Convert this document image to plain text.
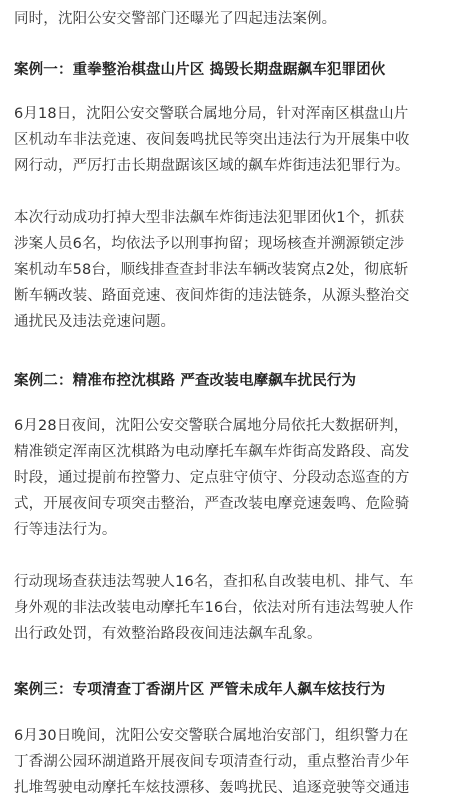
同时，沈阳公安交警部门还曝光了四起违法案例。
案例一：重拳整治棋盘山片区 捣毁长期盘踞飙车犯罪团伙
6月18日，沈阳公安交警联合属地分局，针对浑南区棋盘山片
区机动车非法竞速、夜间轰鸣扰民等突出违法行为开展集中收
网行动，严厉打击长期盘踞该区域的飙车炸街违法犯罪行为。
本次行动成功打掉大型非法飙车炸街违法犯罪团伙1个，抓获
涉案人员6名，均依法予以刑事拘留；现场核查并溯源锁定涉
案机动车58台，顺线排查查封非法车辆改装窝点2处，彻底斩
断车辆改装、路面竞速、夜间炸街的违法链条，从源头整治交
通扰民及违法竞速问题。
案例二：精准布控沈棋路 严查改装电摩飙车扰民行为
6月28日夜间，沈阳公安交警联合属地分局依托大数据研判，
精准锁定浑南区沈棋路为电动摩托车飙车炸街高发路段、高发
时段，通过提前布控警力、定点驻守侦守、分段动态巡查的方
式，开展夜间专项突击整治，严查改装电摩竞速轰鸣、危险骑
行等违法行为。
行动现场查获违法驾驶人16名，查扣私自改装电机、排气、车
身外观的非法改装电动摩托车16台，依法对所有违法驾驶人作
出行政处罚，有效整治路段夜间违法飙车乱象。
案例三：专项清查丁香湖片区 严管未成年人飙车炫技行为
6月30日晚间，沈阳公安交警联合属地治安部门，组织警力在
丁香湖公园环湖道路开展夜间专项清查行动，重点整治青少年
扎堆驾驶电动摩托车炫技漂移、轰鸣扰民、追逐竞驶等交通违
